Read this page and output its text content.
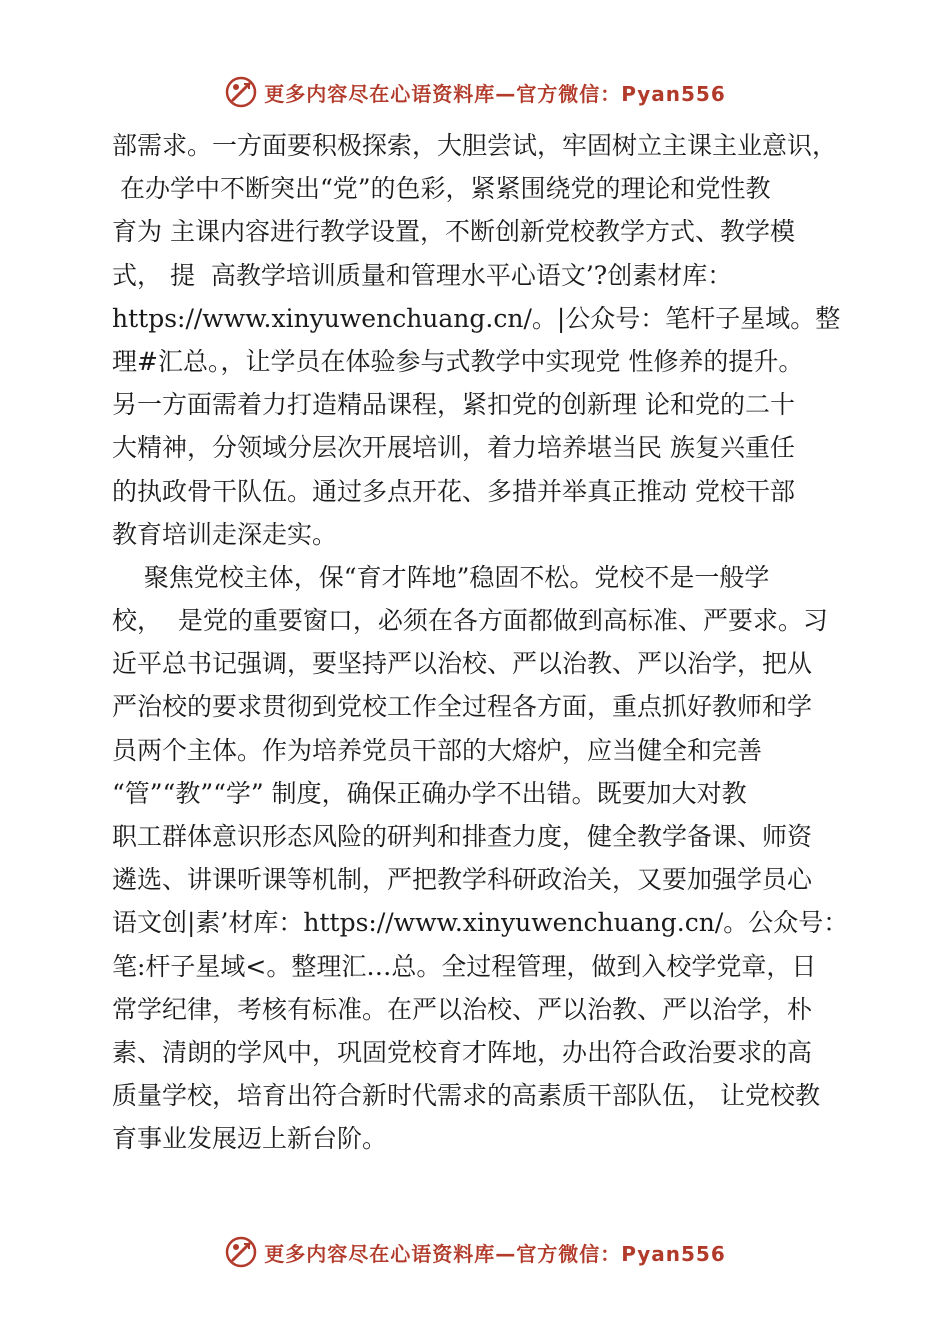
更多内容尽在心语资料库—官方微信：Pyan556
部需求。一方面要积极探索，大胆尝试，牢固树立主课主业意识，
在办学中不断突出“党”的色彩，紧紧围绕党的理论和党性教
育为 主课内容进行教学设置，不断创新党校教学方式、教学模
式， 提  高教学培训质量和管理水平心语文’?创素材库：
https://www.xinyuwenchuang.cn/。|公众号：笔杆子星域。整
理#汇总。，让学员在体验参与式教学中实现党 性修养的提升。
另一方面需着力打造精品课程，紧扣党的创新理 论和党的二十
大精神，分领域分层次开展培训，着力培养堪当民 族复兴重任
的执政骨干队伍。通过多点开花、多措并举真正推动 党校干部
教育培训走深走实。
聚焦党校主体，保“育才阵地”稳固不松。党校不是一般学
校，  是党的重要窗口，必须在各方面都做到高标准、严要求。习
近平总书记强调，要坚持严以治校、严以治教、严以治学，把从
严治校的要求贯彻到党校工作全过程各方面，重点抓好教师和学
员两个主体。作为培养党员干部的大熔炉，应当健全和完善
“管”“教”“学” 制度，确保正确办学不出错。既要加大对教
职工群体意识形态风险的研判和排查力度，健全教学备课、师资
遴选、讲课听课等机制，严把教学科研政治关，又要加强学员心
语文创|素’材库：https://www.xinyuwenchuang.cn/。公众号：
笔:杆子星域<。整理汇…总。全过程管理，做到入校学党章，日
常学纪律，考核有标准。在严以治校、严以治教、严以治学，朴
素、清朗的学风中，巩固党校育才阵地，办出符合政治要求的高
质量学校，培育出符合新时代需求的高素质干部队伍， 让党校教
育事业发展迈上新台阶。
更多内容尽在心语资料库—官方微信：Pyan556
